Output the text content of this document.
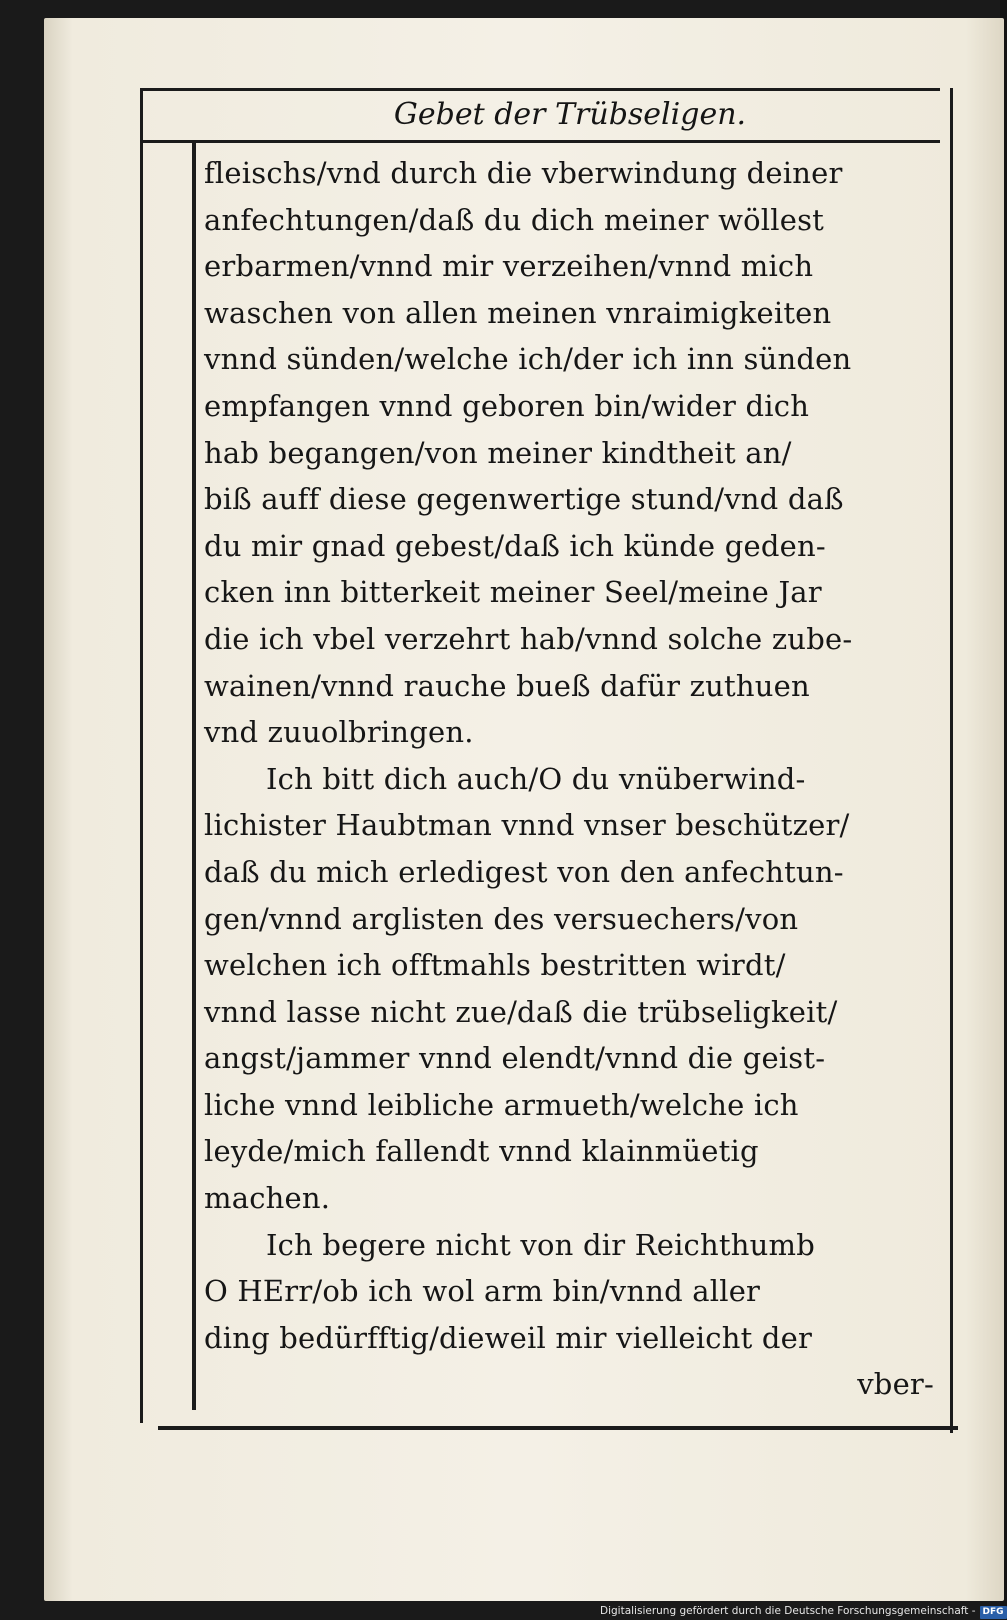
Gebet der Trübseligen.
fleischs/vnd durch die vberwindung deiner
anfechtungen/daß du dich meiner wöllest
erbarmen/vnnd mir verzeihen/vnnd mich
waschen von allen meinen vnraimigkeiten
vnnd sünden/welche ich/der ich inn sünden
empfangen vnnd geboren bin/wider dich
hab begangen/von meiner kindtheit an/
biß auff diese gegenwertige stund/vnd daß
du mir gnad gebest/daß ich künde geden-
cken inn bitterkeit meiner Seel/meine Jar
die ich vbel verzehrt hab/vnnd solche zube-
wainen/vnnd rauche bueß dafür zuthuen
vnd zuuolbringen.
Ich bitt dich auch/O du vnüberwind-
lichister Haubtman vnnd vnser beschützer/
daß du mich erledigest von den anfechtun-
gen/vnnd arglisten des versuechers/von
welchen ich offtmahls bestritten wirdt/
vnnd lasse nicht zue/daß die trübseligkeit/
angst/jammer vnnd elendt/vnnd die geist-
liche vnnd leibliche armueth/welche ich
leyde/mich fallendt vnnd klainmüetig
machen.
Ich begere nicht von dir Reichthumb
O HErr/ob ich wol arm bin/vnnd aller
ding bedürfftig/dieweil mir vielleicht der
vber-
Digitalisierung gefördert durch die Deutsche Forschungsgemeinschaft - DFG
